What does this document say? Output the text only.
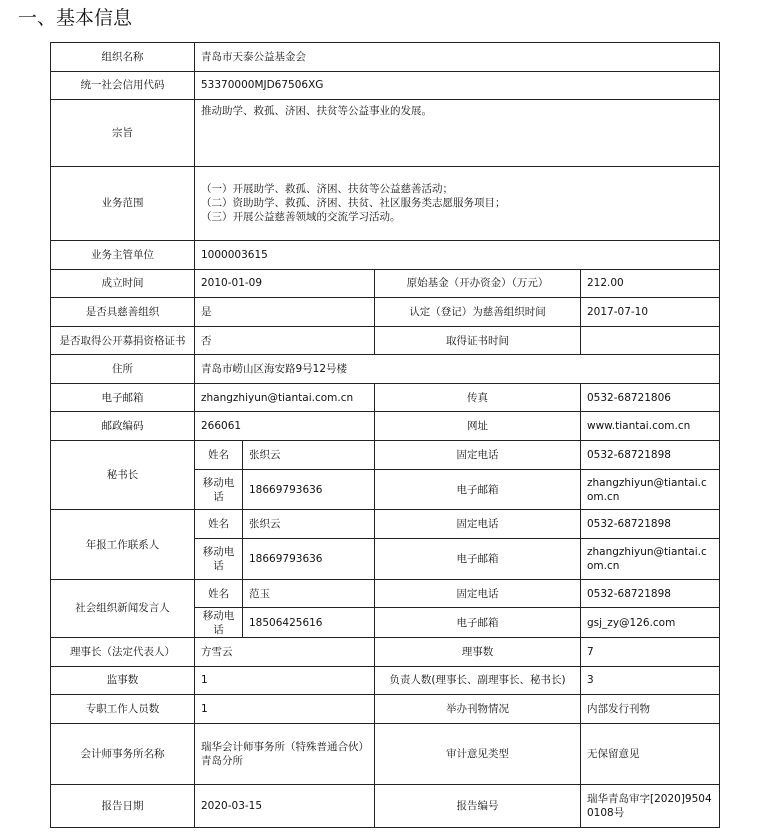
一、基本信息
组织名称	青岛市天泰公益基金会			
统一社会信用代码	53370000MJD67506XG			
宗旨	推动助学、救孤、济困、扶贫等公益事业的发展。			
业务范围	（一）开展助学、救孤、济困、扶贫等公益慈善活动；
（二）资助助学、救孤、济困、扶贫、社区服务类志愿服务项目；
（三）开展公益慈善领域的交流学习活动。			

业务主管单位	1000003615			
成立时间	2010-01-09		原始基金（开办资金）（万元）	212.00
是否具慈善组织	是		认定（登记）为慈善组织时间	2017-07-10
是否取得公开募捐资格证书	否		取得证书时间	
住所	青岛市崂山区海安路9号12号楼			
电子邮箱	zhangzhiyun@tiantai.com.cn		传真	0532-68721806
邮政编码	266061		网址	www.tiantai.com.cn
秘书长	姓名	张织云	固定电话	0532-68721898
	移动电话	18669793636	电子邮箱	zhangzhiyun@tiantai.com.cn
年报工作联系人	姓名	张织云	固定电话	0532-68721898
	移动电话	18669793636	电子邮箱	zhangzhiyun@tiantai.com.cn
社会组织新闻发言人	姓名	范玉	固定电话	0532-68721898
	移动电话	18506425616	电子邮箱	gsj_zy@126.com
理事长（法定代表人）	方雪云		理事数	7
监事数	1		负责人数(理事长、副理事长、秘书长)	3
专职工作人员数	1		举办刊物情况	内部发行刊物
会计师事务所名称	瑞华会计师事务所（特殊普通合伙）青岛分所		审计意见类型	无保留意见
报告日期	2020-03-15		报告编号	瑞华青岛审字[2020]95040108号
